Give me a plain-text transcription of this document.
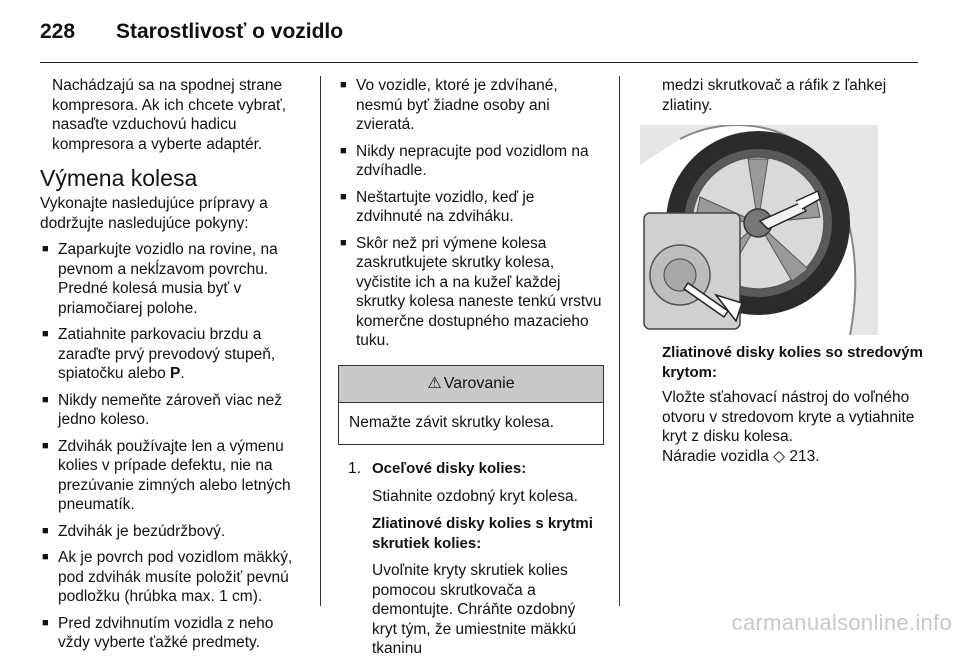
228 Starostlivosť o vozidlo
Nachádzajú sa na spodnej strane
kompresora. Ak ich chcete vybrať,
nasaďte vzduchovú hadicu
kompresora a vyberte adaptér.
Výmena kolesa

Vykonajte nasledujúce prípravy a dodržujte nasledujúce pokyny:

■ Zaparkujte vozidlo na rovine, na pevnom a nekĺzavom povrchu. Predné kolesá musia byť v priamočiarej polohe.
■ Zatiahnite parkovaciu brzdu a zaraďte prvý prevodový stupeň, spiatočku alebo P.
■ Nikdy nemeňte zároveň viac než jedno koleso.
■ Zdvihák používajte len a výmenu kolies v prípade defektu, nie na prezúvanie zimných alebo letných pneumatík.
■ Zdvihák je bezúdržbový.
■ Ak je povrch pod vozidlom mäkký, pod zdvihák musíte položiť pevnú podložku (hrúbka max. 1 cm).
■ Pred zdvihnutím vozidla z neho vždy vyberte ťažké predmety.
■ Vo vozidle, ktoré je zdvíhané, nesmú byť žiadne osoby ani zvieratá.
■ Nikdy nepracujte pod vozidlom na zdvíhadle.
■ Neštartujte vozidlo, keď je zdvihnuté na zdviháku.
■ Skôr než pri výmene kolesa zaskrutkujete skrutky kolesa, vyčistite ich a na kužeľ každej skrutky kolesa naneste tenkú vrstvu komerčne dostupného mazacieho tuku.
⚠ Varovanie
Nemažte závit skrutky kolesa.
1. Oceľové disky kolies:

Stiahnite ozdobný kryt kolesa.

Zliatinové disky kolies s krytmi skrutiek kolies:

Uvoľnite kryty skrutiek kolies pomocou skrutkovača a demontujte. Chráňte ozdobný kryt tým, že umiestnite mäkkú tkaninu

medzi skrutkovač a ráfik z ľahkej zliatiny.

Zliatinové disky kolies so stredovým krytom:

Vložte sťahovací nástroj do voľného otvoru v stredovom kryte a vytiahnite kryt z disku kolesa.

Náradie vozidla ◇ 213.

carmanualsonline.info
